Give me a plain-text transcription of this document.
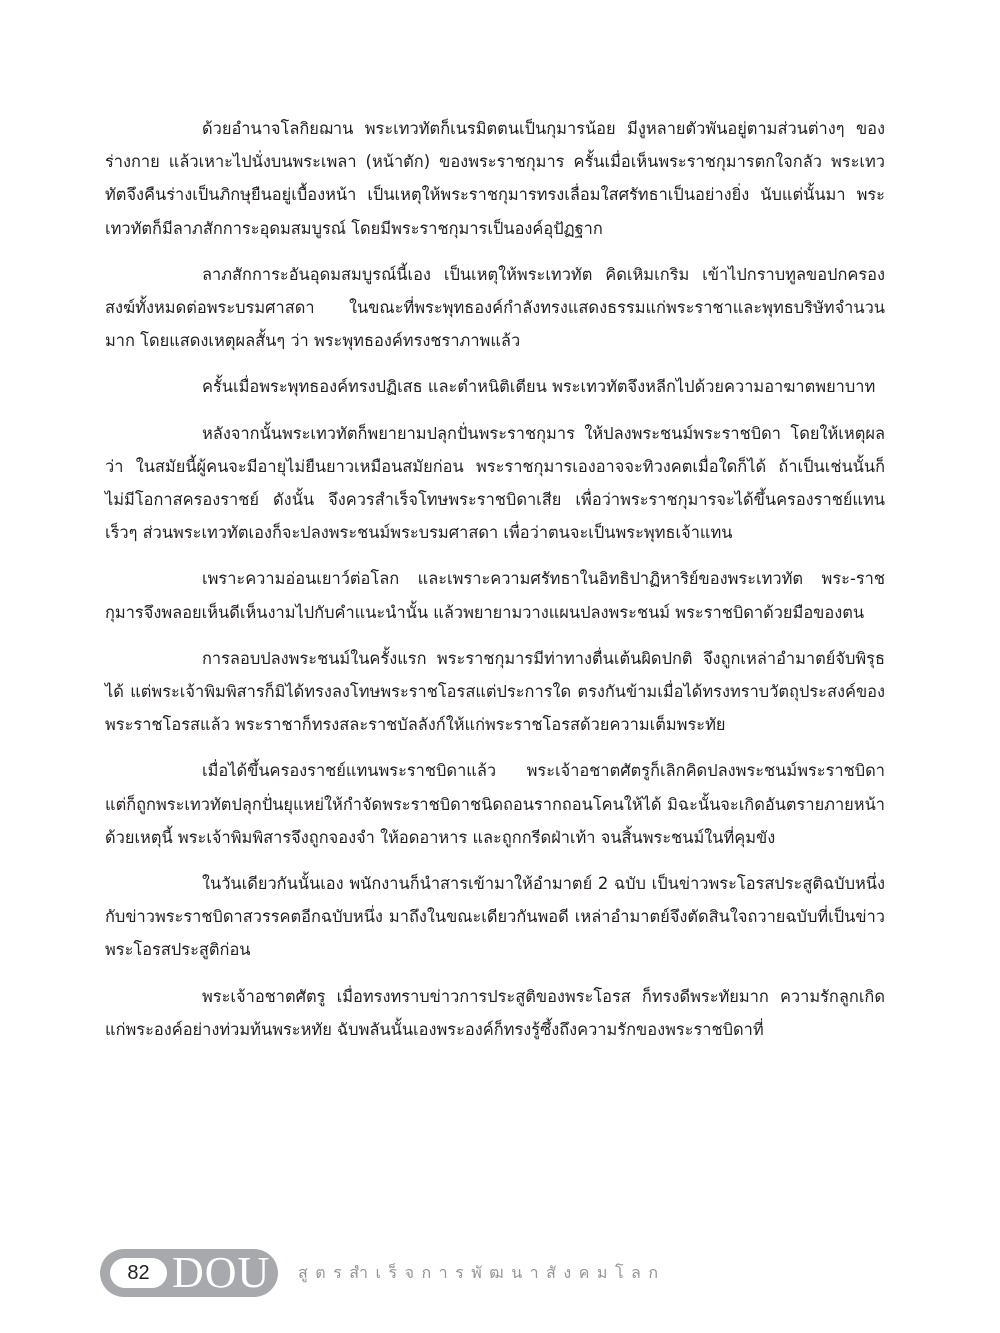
ด้วยอำนาจโลกิยฌาน พระเทวทัตก็เนรมิตตนเป็นกุมารน้อย มีงูหลายตัวพันอยู่ตามส่วนต่างๆ ของร่างกาย แล้วเหาะไปนั่งบนพระเพลา (หน้าตัก) ของพระราชกุมาร ครั้นเมื่อเห็นพระราชกุมารตกใจกลัว พระเทวทัตจึงคืนร่างเป็นภิกษุยืนอยู่เบื้องหน้า เป็นเหตุให้พระราชกุมารทรงเลื่อมใสศรัทธาเป็นอย่างยิ่ง นับแต่นั้นมา พระเทวทัตก็มีลาภสักการะอุดมสมบูรณ์ โดยมีพระราชกุมารเป็นองค์อุปัฏฐาก

ลาภสักการะอันอุดมสมบูรณ์นี้เอง เป็นเหตุให้พระเทวทัต คิดเหิมเกริม เข้าไปกราบทูลขอปกครองสงฆ์ทั้งหมดต่อพระบรมศาสดา ในขณะที่พระพุทธองค์กำลังทรงแสดงธรรมแก่พระราชาและพุทธบริษัทจำนวนมาก โดยแสดงเหตุผลสั้นๆ ว่า พระพุทธองค์ทรงชราภาพแล้ว

ครั้นเมื่อพระพุทธองค์ทรงปฏิเสธ และตำหนิติเตียน พระเทวทัตจึงหลีกไปด้วยความอาฆาตพยาบาท

หลังจากนั้นพระเทวทัตก็พยายามปลุกปั่นพระราชกุมาร ให้ปลงพระชนม์พระราชบิดา โดยให้เหตุผลว่า ในสมัยนี้ผู้คนจะมีอายุไม่ยืนยาวเหมือนสมัยก่อน พระราชกุมารเองอาจจะทิวงคตเมื่อใดก็ได้ ถ้าเป็นเช่นนั้นก็ไม่มีโอกาสครองราชย์ ดังนั้น จึงควรสำเร็จโทษพระราชบิดาเสีย เพื่อว่าพระราชกุมารจะได้ขึ้นครองราชย์แทนเร็วๆ ส่วนพระเทวทัตเองก็จะปลงพระชนม์พระบรมศาสดา เพื่อว่าตนจะเป็นพระพุทธเจ้าแทน

เพราะความอ่อนเยาว์ต่อโลก และเพราะความศรัทธาในอิทธิปาฏิหาริย์ของพระเทวทัต พระ-ราชกุมารจึงพลอยเห็นดีเห็นงามไปกับคำแนะนำนั้น แล้วพยายามวางแผนปลงพระชนม์ พระราชบิดาด้วยมือของตน

การลอบปลงพระชนม์ในครั้งแรก พระราชกุมารมีท่าทางตื่นเต้นผิดปกติ จึงถูกเหล่าอำมาตย์จับพิรุธได้ แต่พระเจ้าพิมพิสารก็มิได้ทรงลงโทษพระราชโอรสแต่ประการใด ตรงกันข้ามเมื่อได้ทรงทราบวัตถุประสงค์ของพระราชโอรสแล้ว พระราชาก็ทรงสละราชบัลลังก์ให้แก่พระราชโอรสด้วยความเต็มพระทัย

เมื่อได้ขึ้นครองราชย์แทนพระราชบิดาแล้ว พระเจ้าอชาตศัตรูก็เลิกคิดปลงพระชนม์พระราชบิดา แต่ก็ถูกพระเทวทัตปลุกปั่นยุแหย่ให้กำจัดพระราชบิดาชนิดถอนรากถอนโคนให้ได้ มิฉะนั้นจะเกิดอันตรายภายหน้า ด้วยเหตุนี้ พระเจ้าพิมพิสารจึงถูกจองจำ ให้อดอาหาร และถูกกรีดฝ่าเท้า จนสิ้นพระชนม์ในที่คุมขัง

ในวันเดียวกันนั้นเอง พนักงานก็นำสารเข้ามาให้อำมาตย์ 2 ฉบับ เป็นข่าวพระโอรสประสูติฉบับหนึ่ง กับข่าวพระราชบิดาสวรรคตอีกฉบับหนึ่ง มาถึงในขณะเดียวกันพอดี เหล่าอำมาตย์จึงตัดสินใจถวายฉบับที่เป็นข่าวพระโอรสประสูติก่อน

พระเจ้าอชาตศัตรู เมื่อทรงทราบข่าวการประสูติของพระโอรส ก็ทรงดีพระทัยมาก ความรักลูกเกิดแก่พระองค์อย่างท่วมท้นพระหทัย ฉับพลันนั้นเองพระองค์ก็ทรงรู้ซึ้งถึงความรักของพระราชบิดาที่

82 DOU สูตรสำเร็จการพัฒนาสังคมโลก
